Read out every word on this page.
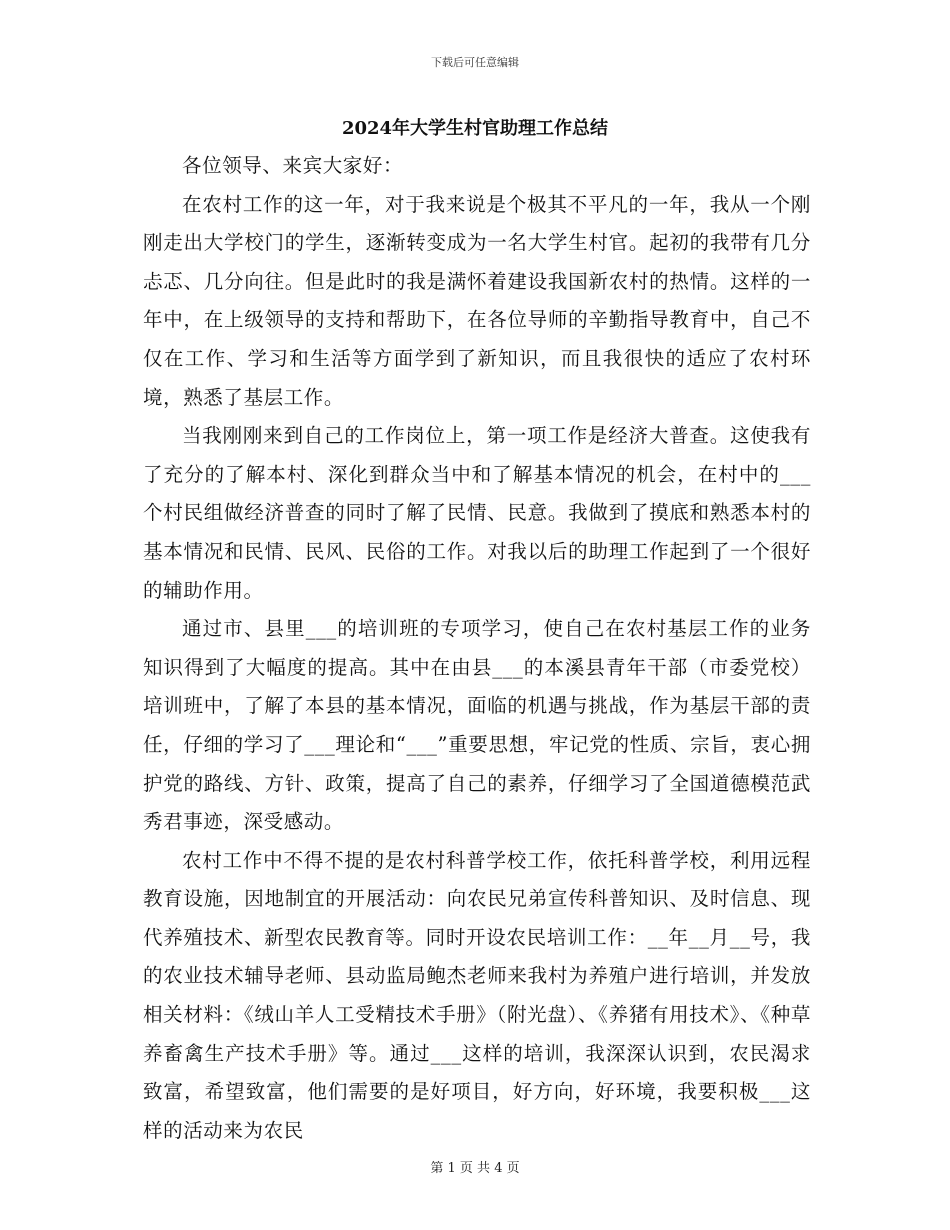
下载后可任意编辑
2024年大学生村官助理工作总结

各位领导、来宾大家好：

在农村工作的这一年，对于我来说是个极其不平凡的一年，我从一个刚刚走出大学校门的学生，逐渐转变成为一名大学生村官。起初的我带有几分忐忑、几分向往。但是此时的我是满怀着建设我国新农村的热情。这样的一年中，在上级领导的支持和帮助下，在各位导师的辛勤指导教育中，自己不仅在工作、学习和生活等方面学到了新知识，而且我很快的适应了农村环境，熟悉了基层工作。

当我刚刚来到自己的工作岗位上，第一项工作是经济大普查。这使我有了充分的了解本村、深化到群众当中和了解基本情况的机会，在村中的___个村民组做经济普查的同时了解了民情、民意。我做到了摸底和熟悉本村的基本情况和民情、民风、民俗的工作。对我以后的助理工作起到了一个很好的辅助作用。

通过市、县里___的培训班的专项学习，使自己在农村基层工作的业务知识得到了大幅度的提高。其中在由县___的本溪县青年干部（市委党校）培训班中，了解了本县的基本情况，面临的机遇与挑战，作为基层干部的责任，仔细的学习了___理论和“___”重要思想，牢记党的性质、宗旨，衷心拥护党的路线、方针、政策，提高了自己的素养，仔细学习了全国道德模范武秀君事迹，深受感动。

农村工作中不得不提的是农村科普学校工作，依托科普学校，利用远程教育设施，因地制宜的开展活动：向农民兄弟宣传科普知识、及时信息、现代养殖技术、新型农民教育等。同时开设农民培训工作：__年__月__号，我的农业技术辅导老师、县动监局鲍杰老师来我村为养殖户进行培训，并发放相关材料：《绒山羊人工受精技术手册》（附光盘）、《养猪有用技术》、《种草养畜禽生产技术手册》等。通过___这样的培训，我深深认识到，农民渴求致富，希望致富，他们需要的是好项目，好方向，好环境，我要积极___这样的活动来为农民

第 1 页 共 4 页
